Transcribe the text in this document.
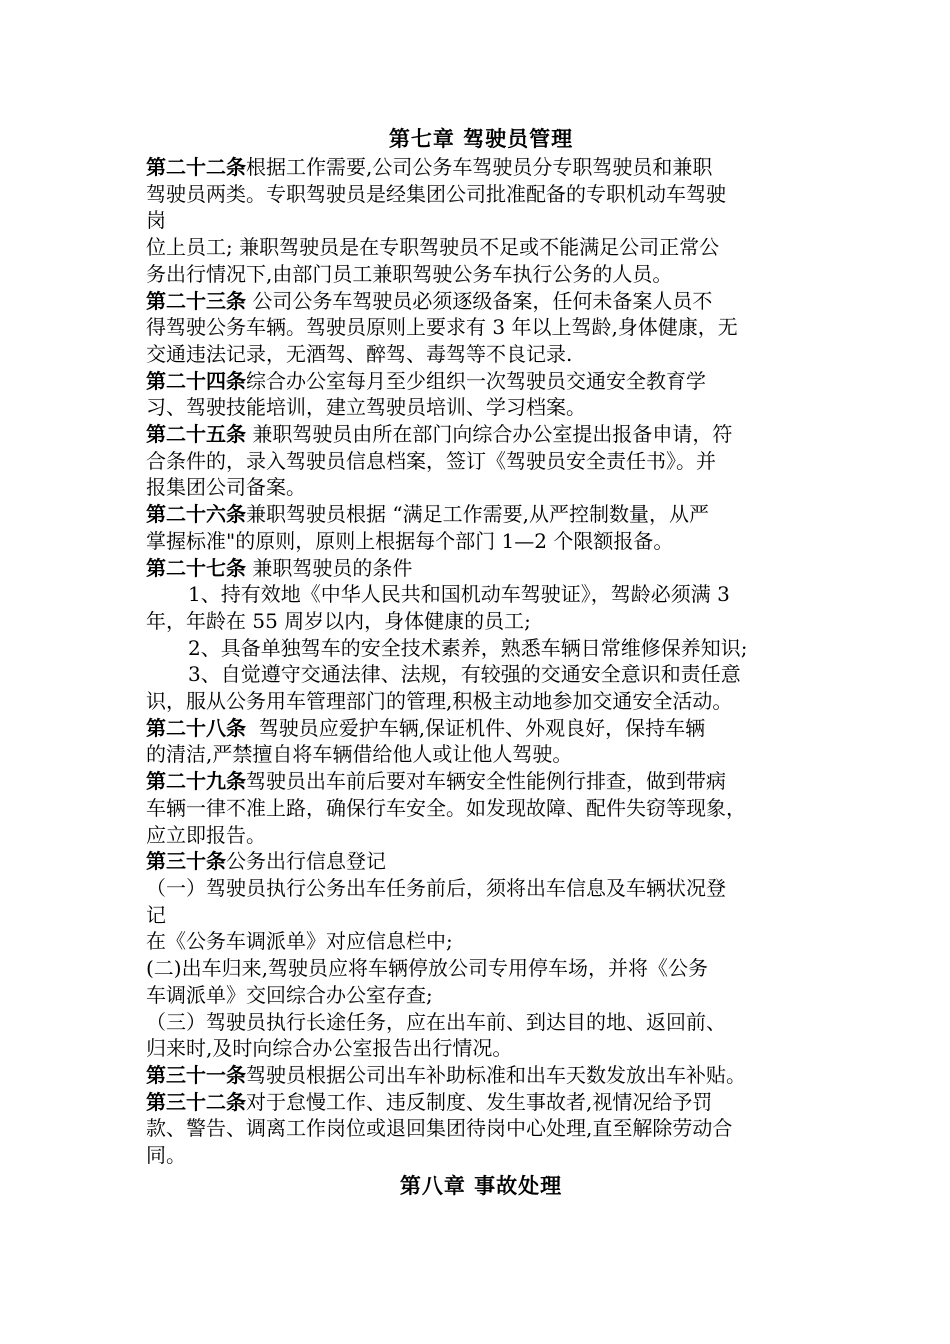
第七章 驾驶员管理

第二十二条根据工作需要,公司公务车驾驶员分专职驾驶员和兼职

驾驶员两类。专职驾驶员是经集团公司批准配备的专职机动车驾驶

岗

位上员工; 兼职驾驶员是在专职驾驶员不足或不能满足公司正常公

务出行情况下,由部门员工兼职驾驶公务车执行公务的人员。

第二十三条 公司公务车驾驶员必须逐级备案，任何未备案人员不

得驾驶公务车辆。驾驶员原则上要求有 3 年以上驾龄,身体健康，无

交通违法记录，无酒驾、醉驾、毒驾等不良记录.

第二十四条综合办公室每月至少组织一次驾驶员交通安全教育学

习、驾驶技能培训，建立驾驶员培训、学习档案。

第二十五条 兼职驾驶员由所在部门向综合办公室提出报备申请，符

合条件的，录入驾驶员信息档案，签订《驾驶员安全责任书》。并

报集团公司备案。

第二十六条兼职驾驶员根据 “满足工作需要,从严控制数量，从严

掌握标准"的原则，原则上根据每个部门 1—2 个限额报备。

第二十七条 兼职驾驶员的条件

1、持有效地《中华人民共和国机动车驾驶证》，驾龄必须满 3

年，年龄在 55 周岁以内，身体健康的员工;

2、具备单独驾车的安全技术素养，熟悉车辆日常维修保养知识;

3、自觉遵守交通法律、法规，有较强的交通安全意识和责任意

识，服从公务用车管理部门的管理,积极主动地参加交通安全活动。

第二十八条  驾驶员应爱护车辆,保证机件、外观良好，保持车辆

的清洁,严禁擅自将车辆借给他人或让他人驾驶。

第二十九条驾驶员出车前后要对车辆安全性能例行排查，做到带病

车辆一律不准上路，确保行车安全。如发现故障、配件失窃等现象，

应立即报告。

第三十条公务出行信息登记

（一）驾驶员执行公务出车任务前后，须将出车信息及车辆状况登

记

在《公务车调派单》对应信息栏中;

(二)出车归来,驾驶员应将车辆停放公司专用停车场，并将《公务

车调派单》交回综合办公室存查;

（三）驾驶员执行长途任务，应在出车前、到达目的地、返回前、

归来时,及时向综合办公室报告出行情况。

第三十一条驾驶员根据公司出车补助标准和出车天数发放出车补贴。

第三十二条对于怠慢工作、违反制度、发生事故者,视情况给予罚

款、警告、调离工作岗位或退回集团待岗中心处理,直至解除劳动合

同。

第八章 事故处理
